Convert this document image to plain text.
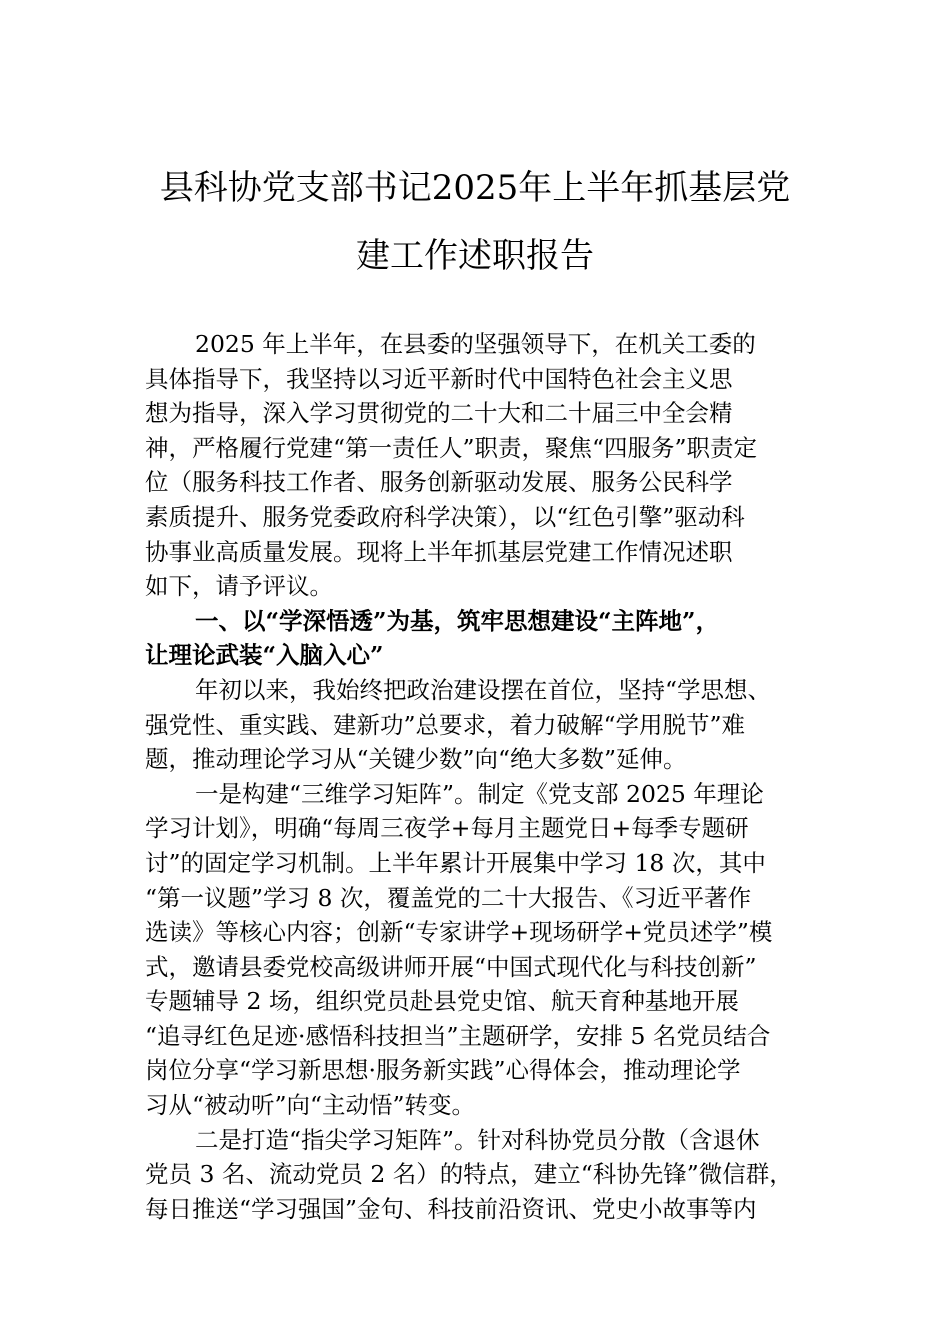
县科协党支部书记2025年上半年抓基层党
建工作述职报告
2025 年上半年，在县委的坚强领导下，在机关工委的
具体指导下，我坚持以习近平新时代中国特色社会主义思
想为指导，深入学习贯彻党的二十大和二十届三中全会精
神，严格履行党建“第一责任人”职责，聚焦“四服务”职责定
位（服务科技工作者、服务创新驱动发展、服务公民科学
素质提升、服务党委政府科学决策），以“红色引擎”驱动科
协事业高质量发展。现将上半年抓基层党建工作情况述职
如下，请予评议。
一、以“学深悟透”为基，筑牢思想建设“主阵地”，
让理论武装“入脑入心”
年初以来，我始终把政治建设摆在首位，坚持“学思想、
强党性、重实践、建新功”总要求，着力破解“学用脱节”难
题，推动理论学习从“关键少数”向“绝大多数”延伸。
一是构建“三维学习矩阵”。制定《党支部 2025 年理论
学习计划》，明确“每周三夜学+每月主题党日+每季专题研
讨”的固定学习机制。上半年累计开展集中学习 18 次，其中
“第一议题”学习 8 次，覆盖党的二十大报告、《习近平著作
选读》等核心内容；创新“专家讲学+现场研学+党员述学”模
式，邀请县委党校高级讲师开展“中国式现代化与科技创新”
专题辅导 2 场，组织党员赴县党史馆、航天育种基地开展
“追寻红色足迹·感悟科技担当”主题研学，安排 5 名党员结合
岗位分享“学习新思想·服务新实践”心得体会，推动理论学
习从“被动听”向“主动悟”转变。
二是打造“指尖学习矩阵”。针对科协党员分散（含退休
党员 3 名、流动党员 2 名）的特点，建立“科协先锋”微信群，
每日推送“学习强国”金句、科技前沿资讯、党史小故事等内
